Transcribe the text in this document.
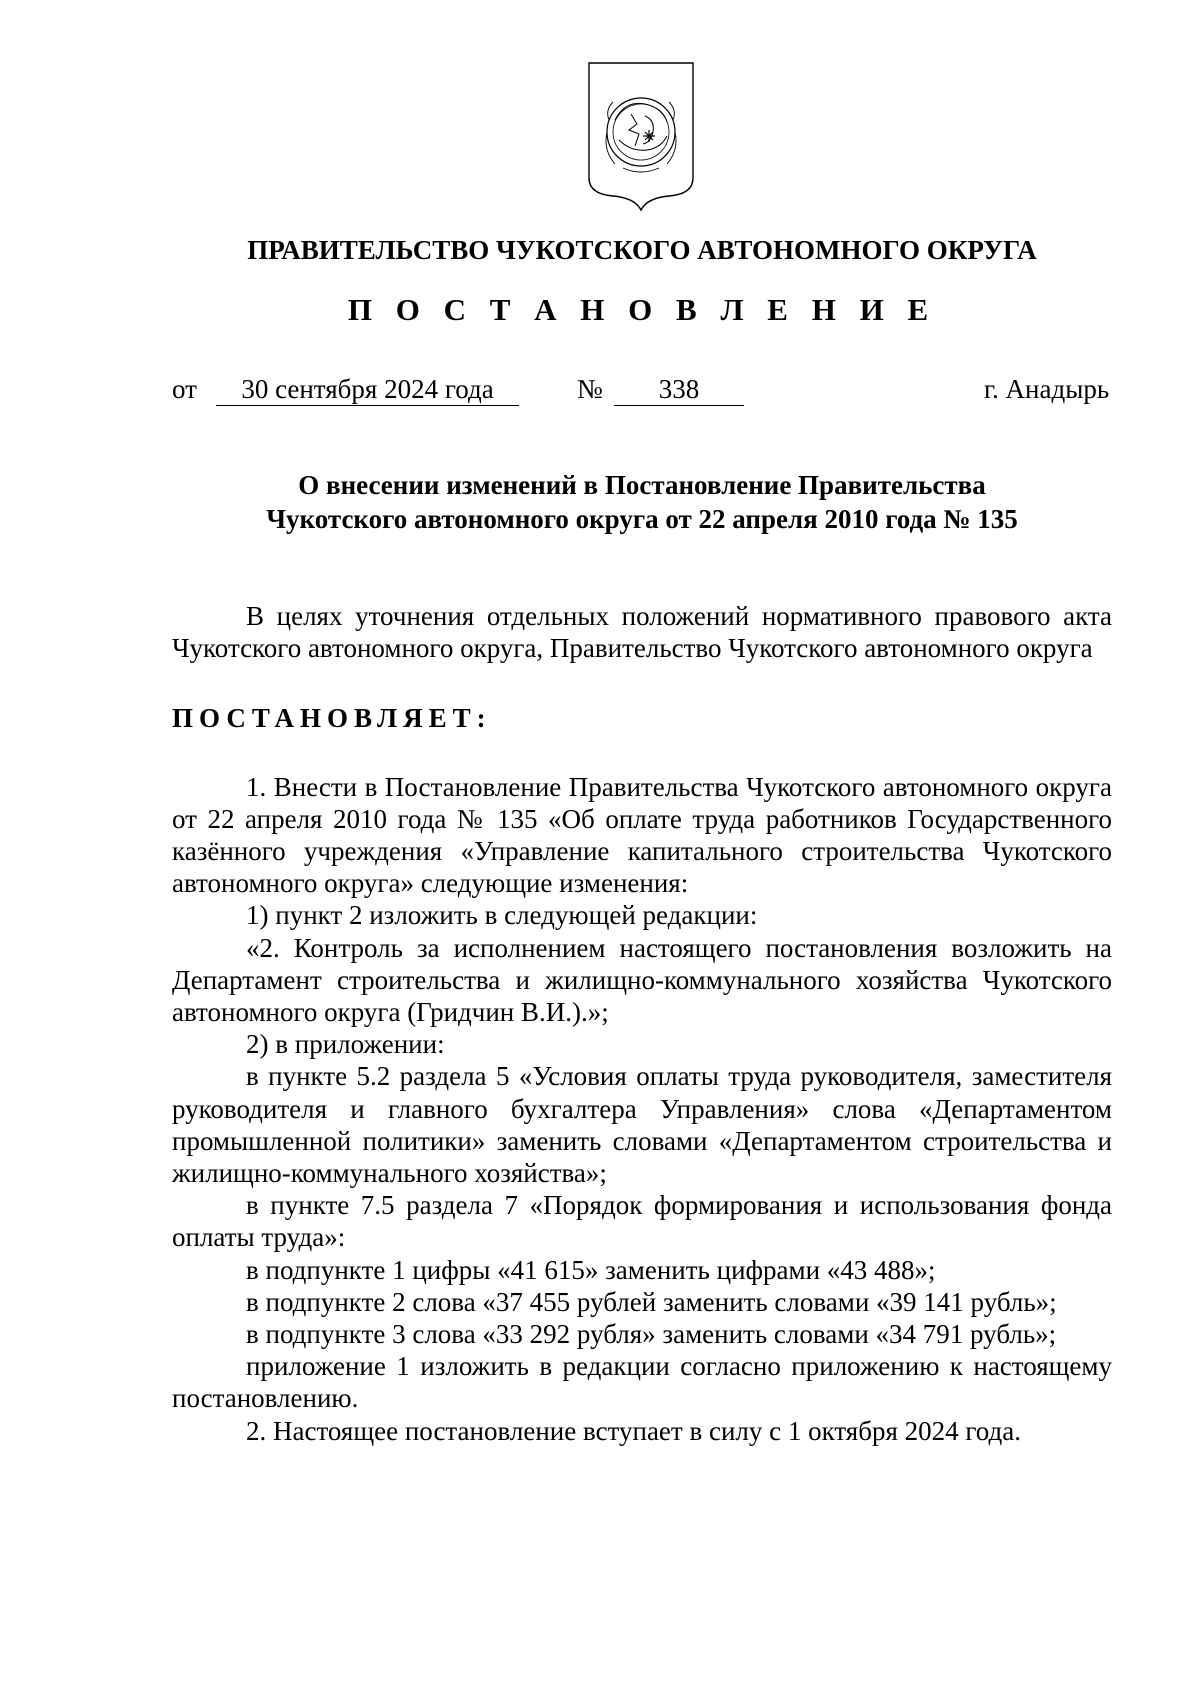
ПРАВИТЕЛЬСТВО ЧУКОТСКОГО АВТОНОМНОГО ОКРУГА
П О С Т А Н О В Л Е Н И Е
от	30 сентября 2024 года	№	338	г. Анадырь
О внесении изменений в Постановление Правительства
Чукотского автономного округа от 22 апреля 2010 года № 135

В целях уточнения отдельных положений нормативного правового акта Чукотского автономного округа, Правительство Чукотского автономного округа

ПОСТАНОВЛЯЕТ:

1. Внести в Постановление Правительства Чукотского автономного округа от 22 апреля 2010 года № 135 «Об оплате труда работников Государственного казённого учреждения «Управление капитального строительства Чукотского автономного округа» следующие изменения:

1) пункт 2 изложить в следующей редакции:

«2. Контроль за исполнением настоящего постановления возложить на Департамент строительства и жилищно-коммунального хозяйства Чукотского автономного округа (Гридчин В.И.).»;

2) в приложении:

в пункте 5.2 раздела 5 «Условия оплаты труда руководителя, заместителя руководителя и главного бухгалтера Управления» слова «Департаментом промышленной политики» заменить словами «Департаментом строительства и жилищно-коммунального хозяйства»;

в пункте 7.5 раздела 7 «Порядок формирования и использования фонда оплаты труда»:

в подпункте 1 цифры «41 615» заменить цифрами «43 488»;

в подпункте 2 слова «37 455 рублей заменить словами «39 141 рубль»;

в подпункте 3 слова «33 292 рубля» заменить словами «34 791 рубль»;

приложение 1 изложить в редакции согласно приложению к настоящему постановлению.

2. Настоящее постановление вступает в силу с 1 октября 2024 года.
